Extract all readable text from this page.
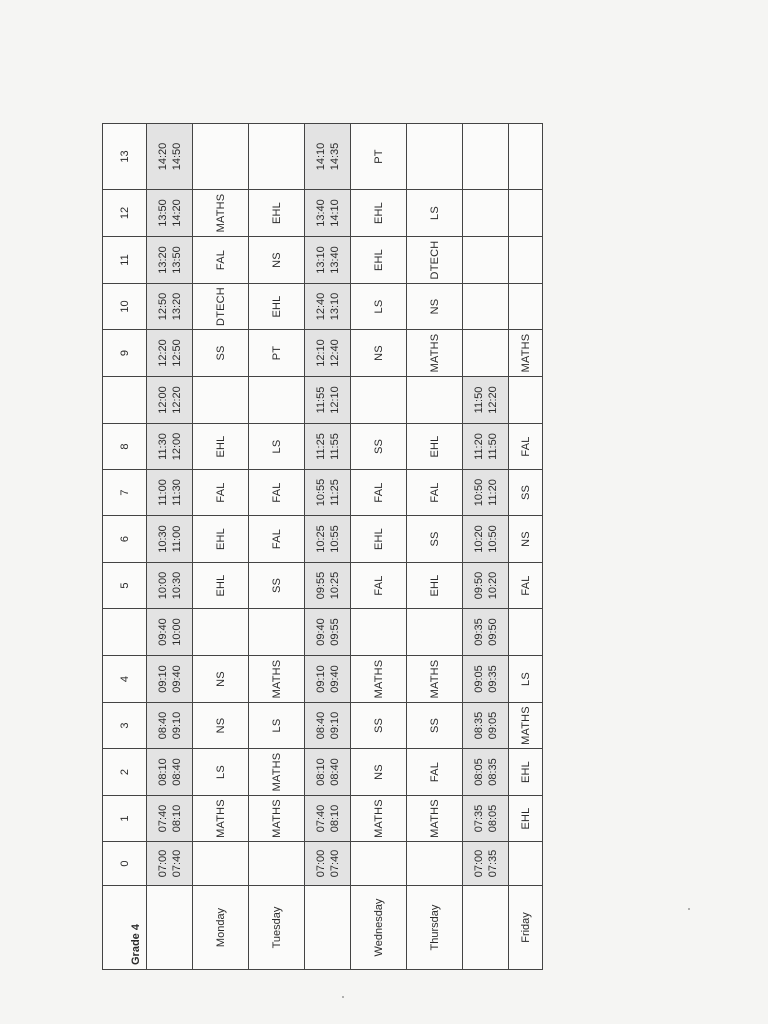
Grade 4	0	1	2	3	4		5	6	7	8		9	10	11	12	13

	07:00 07:40	07:40 08:10	08:10 08:40	08:40 09:10	09:10 09:40	09:40 10:00	10:00 10:30	10:30 11:00	11:00 11:30	11:30 12:00	12:00 12:20	12:20 12:50	12:50 13:20	13:20 13:50	13:50 14:20	14:20 14:50

Monday		MATHS	LS	NS	NS		EHL	EHL	FAL	EHL		SS	DTECH	FAL	MATHS	
Tuesday		MATHS	MATHS	LS	MATHS		SS	FAL	FAL	LS		PT	EHL	NS	EHL	

	07:00 07:40	07:40 08:10	08:10 08:40	08:40 09:10	09:10 09:40	09:40 09:55	09:55 10:25	10:25 10:55	10:55 11:25	11:25 11:55	11:55 12:10	12:10 12:40	12:40 13:10	13:10 13:40	13:40 14:10	14:10 14:35

Wednesday		MATHS	NS	SS	MATHS		FAL	EHL	FAL	SS		NS	LS	EHL	EHL	PT
Thursday		MATHS	FAL	SS	MATHS		EHL	SS	FAL	EHL		MATHS	NS	DTECH	LS	

	07:00 07:35	07:35 08:05	08:05 08:35	08:35 09:05	09:05 09:35	09:35 09:50	09:50 10:20	10:20 10:50	10:50 11:20	11:20 11:50	11:50 12:20					

Friday		EHL	EHL	MATHS	LS		FAL	NS	SS	FAL		MATHS				
